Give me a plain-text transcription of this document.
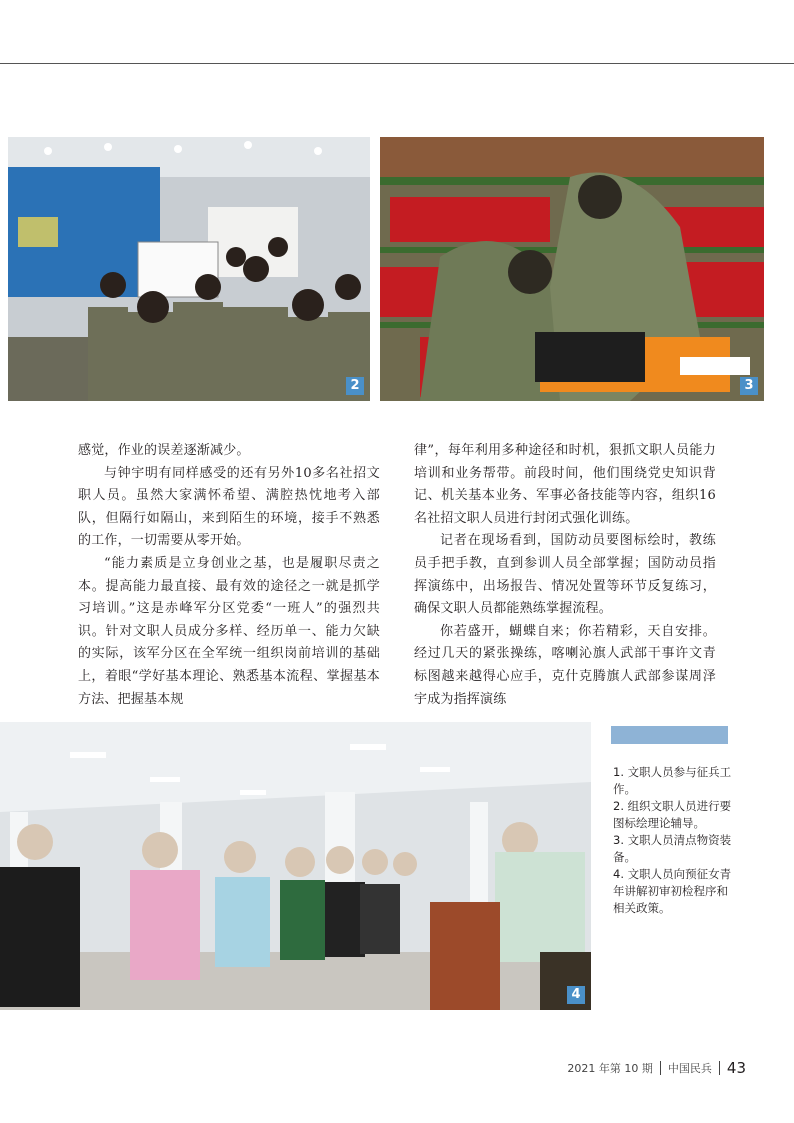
2	3

感觉，作业的误差逐渐减少。

与钟宇明有同样感受的还有另外10多名社招文职人员。虽然大家满怀希望、满腔热忱地考入部队，但隔行如隔山，来到陌生的环境，接手不熟悉的工作，一切需要从零开始。

“能力素质是立身创业之基，也是履职尽责之本。提高能力最直接、最有效的途径之一就是抓学习培训。”这是赤峰军分区党委“一班人”的强烈共识。针对文职人员成分多样、经历单一、能力欠缺的实际，该军分区在全军统一组织岗前培训的基础上，着眼“学好基本理论、熟悉基本流程、掌握基本方法、把握基本规

律”，每年利用多种途径和时机，狠抓文职人员能力培训和业务帮带。前段时间，他们围绕党史知识背记、机关基本业务、军事必备技能等内容，组织16名社招文职人员进行封闭式强化训练。

记者在现场看到，国防动员要图标绘时，教练员手把手教，直到参训人员全部掌握；国防动员指挥演练中，出场报告、情况处置等环节反复练习，确保文职人员都能熟练掌握流程。

你若盛开，蝴蝶自来；你若精彩，天自安排。经过几天的紧张操练，喀喇沁旗人武部干事许文青标图越来越得心应手，克什克腾旗人武部参谋周泽宇成为指挥演练

4
1. 文职人员参与征兵工作。
2. 组织文职人员进行要图标绘理论辅导。
3. 文职人员清点物资装备。
4. 文职人员向预征女青年讲解初审初检程序和相关政策。
2021 年第 10 期 中国民兵 43
